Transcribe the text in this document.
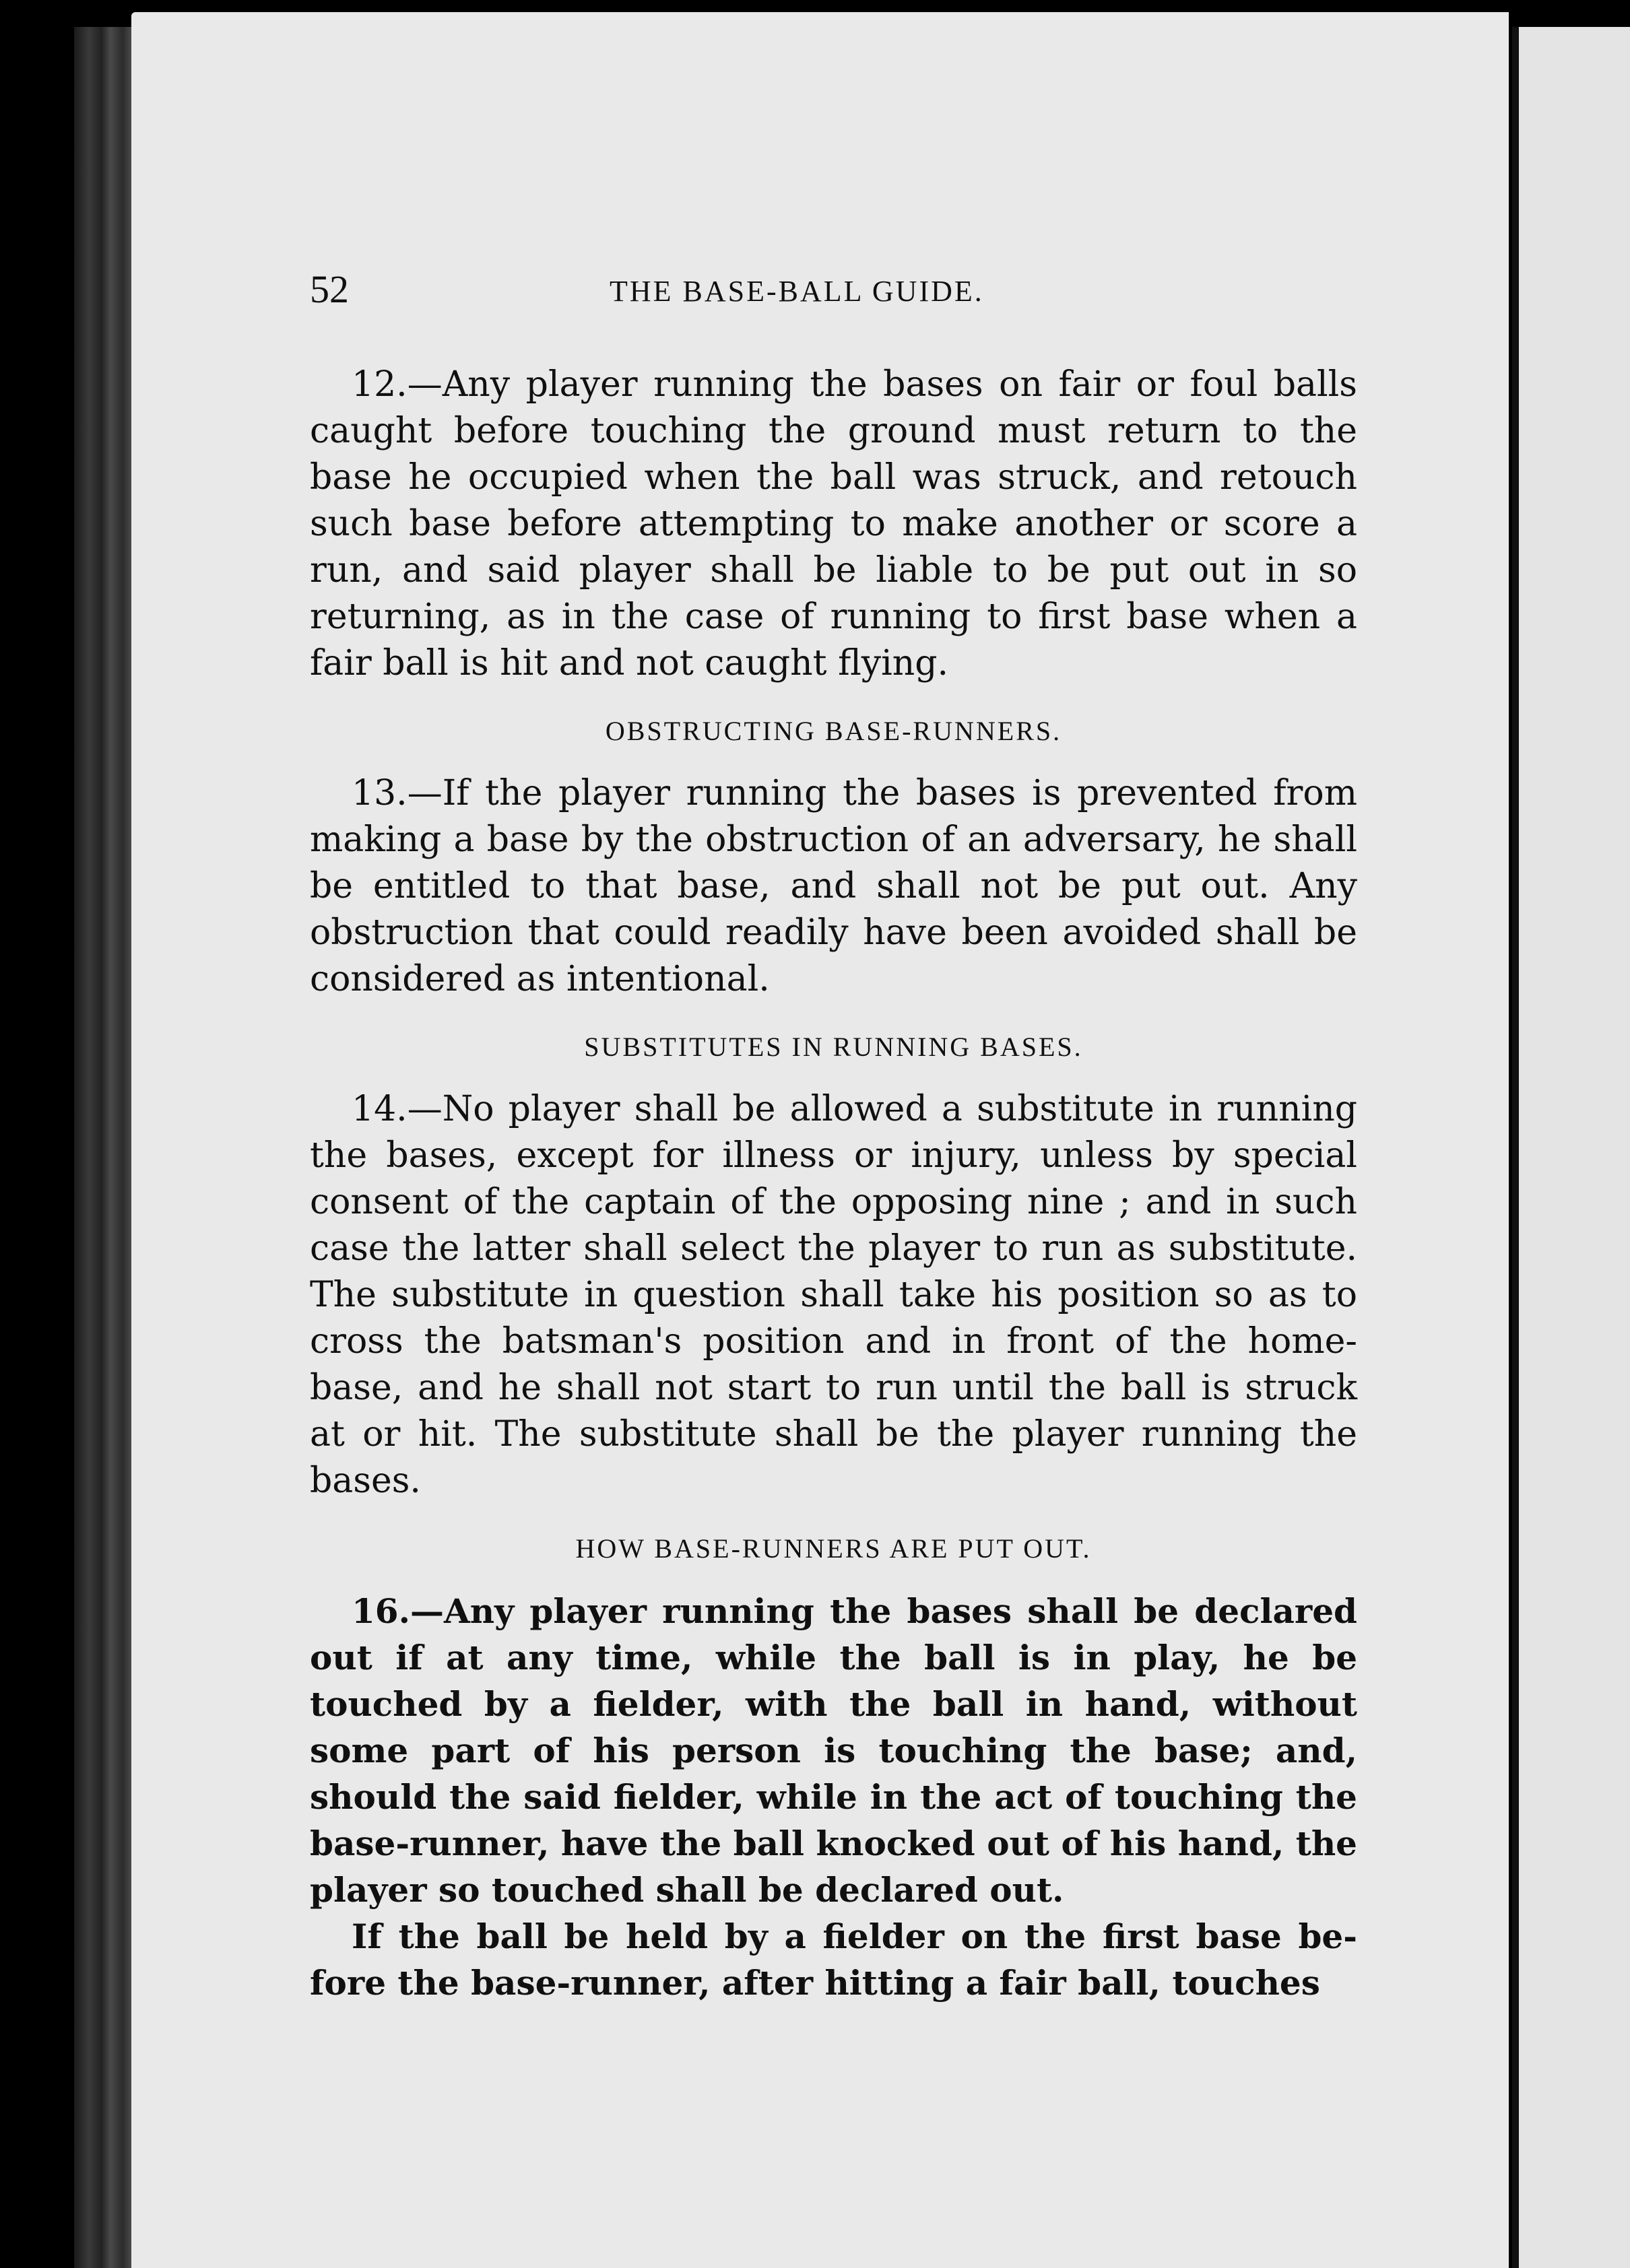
52	THE BASE-BALL GUIDE.

12.—Any player running the bases on fair or foul balls caught before touching the ground must return to the base he occupied when the ball was struck, and retouch such base before attempting to make another or score a run, and said player shall be liable to be put out in so returning, as in the case of running to first base when a fair ball is hit and not caught flying.

OBSTRUCTING BASE-RUNNERS.

13.—If the player running the bases is prevented from making a base by the obstruction of an adversary, he shall be entitled to that base, and shall not be put out. Any obstruction that could readily have been avoided shall be considered as intentional.

SUBSTITUTES IN RUNNING BASES.

14.—No player shall be allowed a substitute in running the bases, except for illness or injury, unless by special consent of the captain of the opposing nine ; and in such case the latter shall select the player to run as substitute. The substitute in question shall take his position so as to cross the batsman's position and in front of the home-base, and he shall not start to run until the ball is struck at or hit. The substitute shall be the player running the bases.

HOW BASE-RUNNERS ARE PUT OUT.

16.—Any player running the bases shall be declared out if at any time, while the ball is in play, he be touched by a fielder, with the ball in hand, without some part of his person is touching the base; and, should the said fielder, while in the act of touching the base-runner, have the ball knocked out of his hand, the player so touched shall be declared out.

If the ball be held by a fielder on the first base before the base-runner, after hitting a fair ball, touches
